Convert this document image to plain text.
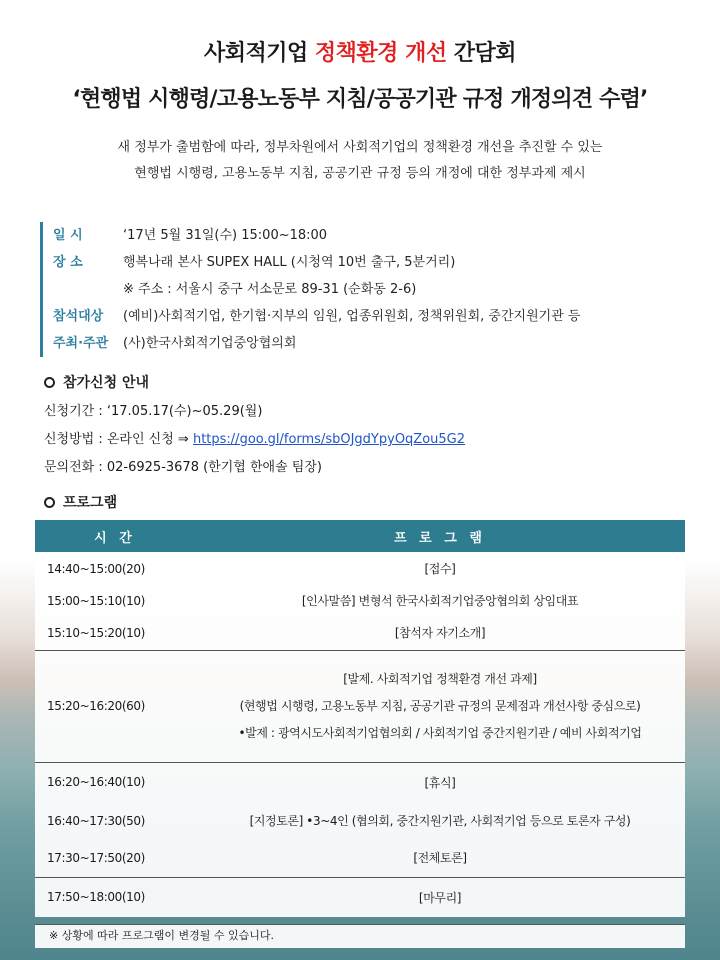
사회적기업 정책환경 개선 간담회
‘현행법 시행령/고용노동부 지침/공공기관 규정 개정의견 수렴’
새 정부가 출범함에 따라, 정부차원에서 사회적기업의 정책환경 개선을 추진할 수 있는
현행법 시행령, 고용노동부 지침, 공공기관 규정 등의 개정에 대한 정부과제 제시
일 시	‘17년 5월 31일(수) 15:00~18:00
장 소	행복나래 본사 SUPEX HALL (시청역 10번 출구, 5분거리)
※ 주소 : 서울시 중구 서소문로 89-31 (순화동 2-6)
참석대상	(예비)사회적기업, 한기협·지부의 임원, 업종위원회, 정책위원회, 중간지원기관 등
주최·주관	(사)한국사회적기업중앙협의회
참가신청 안내
신청기간 : ‘17.05.17(수)~05.29(월)
신청방법 : 온라인 신청 ⇒ https://goo.gl/forms/sbOJgdYpyOqZou5G2
문의전화 : 02-6925-3678 (한기협 한애솔 팀장)
프로그램
시 간	프 로 그 램
14:40~15:00(20)	[접수]
15:00~15:10(10)	[인사말씀] 변형석 한국사회적기업중앙협의회 상임대표
15:10~15:20(10)	[참석자 자기소개]
15:20~16:20(60)	[발제. 사회적기업 정책환경 개선 과제]
(현행법 시행령, 고용노동부 지침, 공공기관 규정의 문제점과 개선사항 중심으로)
•발제 : 광역시도사회적기업협의회 / 사회적기업 중간지원기관 / 예비 사회적기업

16:20~16:40(10)	[휴식]
16:40~17:30(50)	[지정토론] •3~4인 (협의회, 중간지원기관, 사회적기업 등으로 토론자 구성)
17:30~17:50(20)	[전체토론]
17:50~18:00(10)	[마무리]
※ 상황에 따라 프로그램이 변경될 수 있습니다.
